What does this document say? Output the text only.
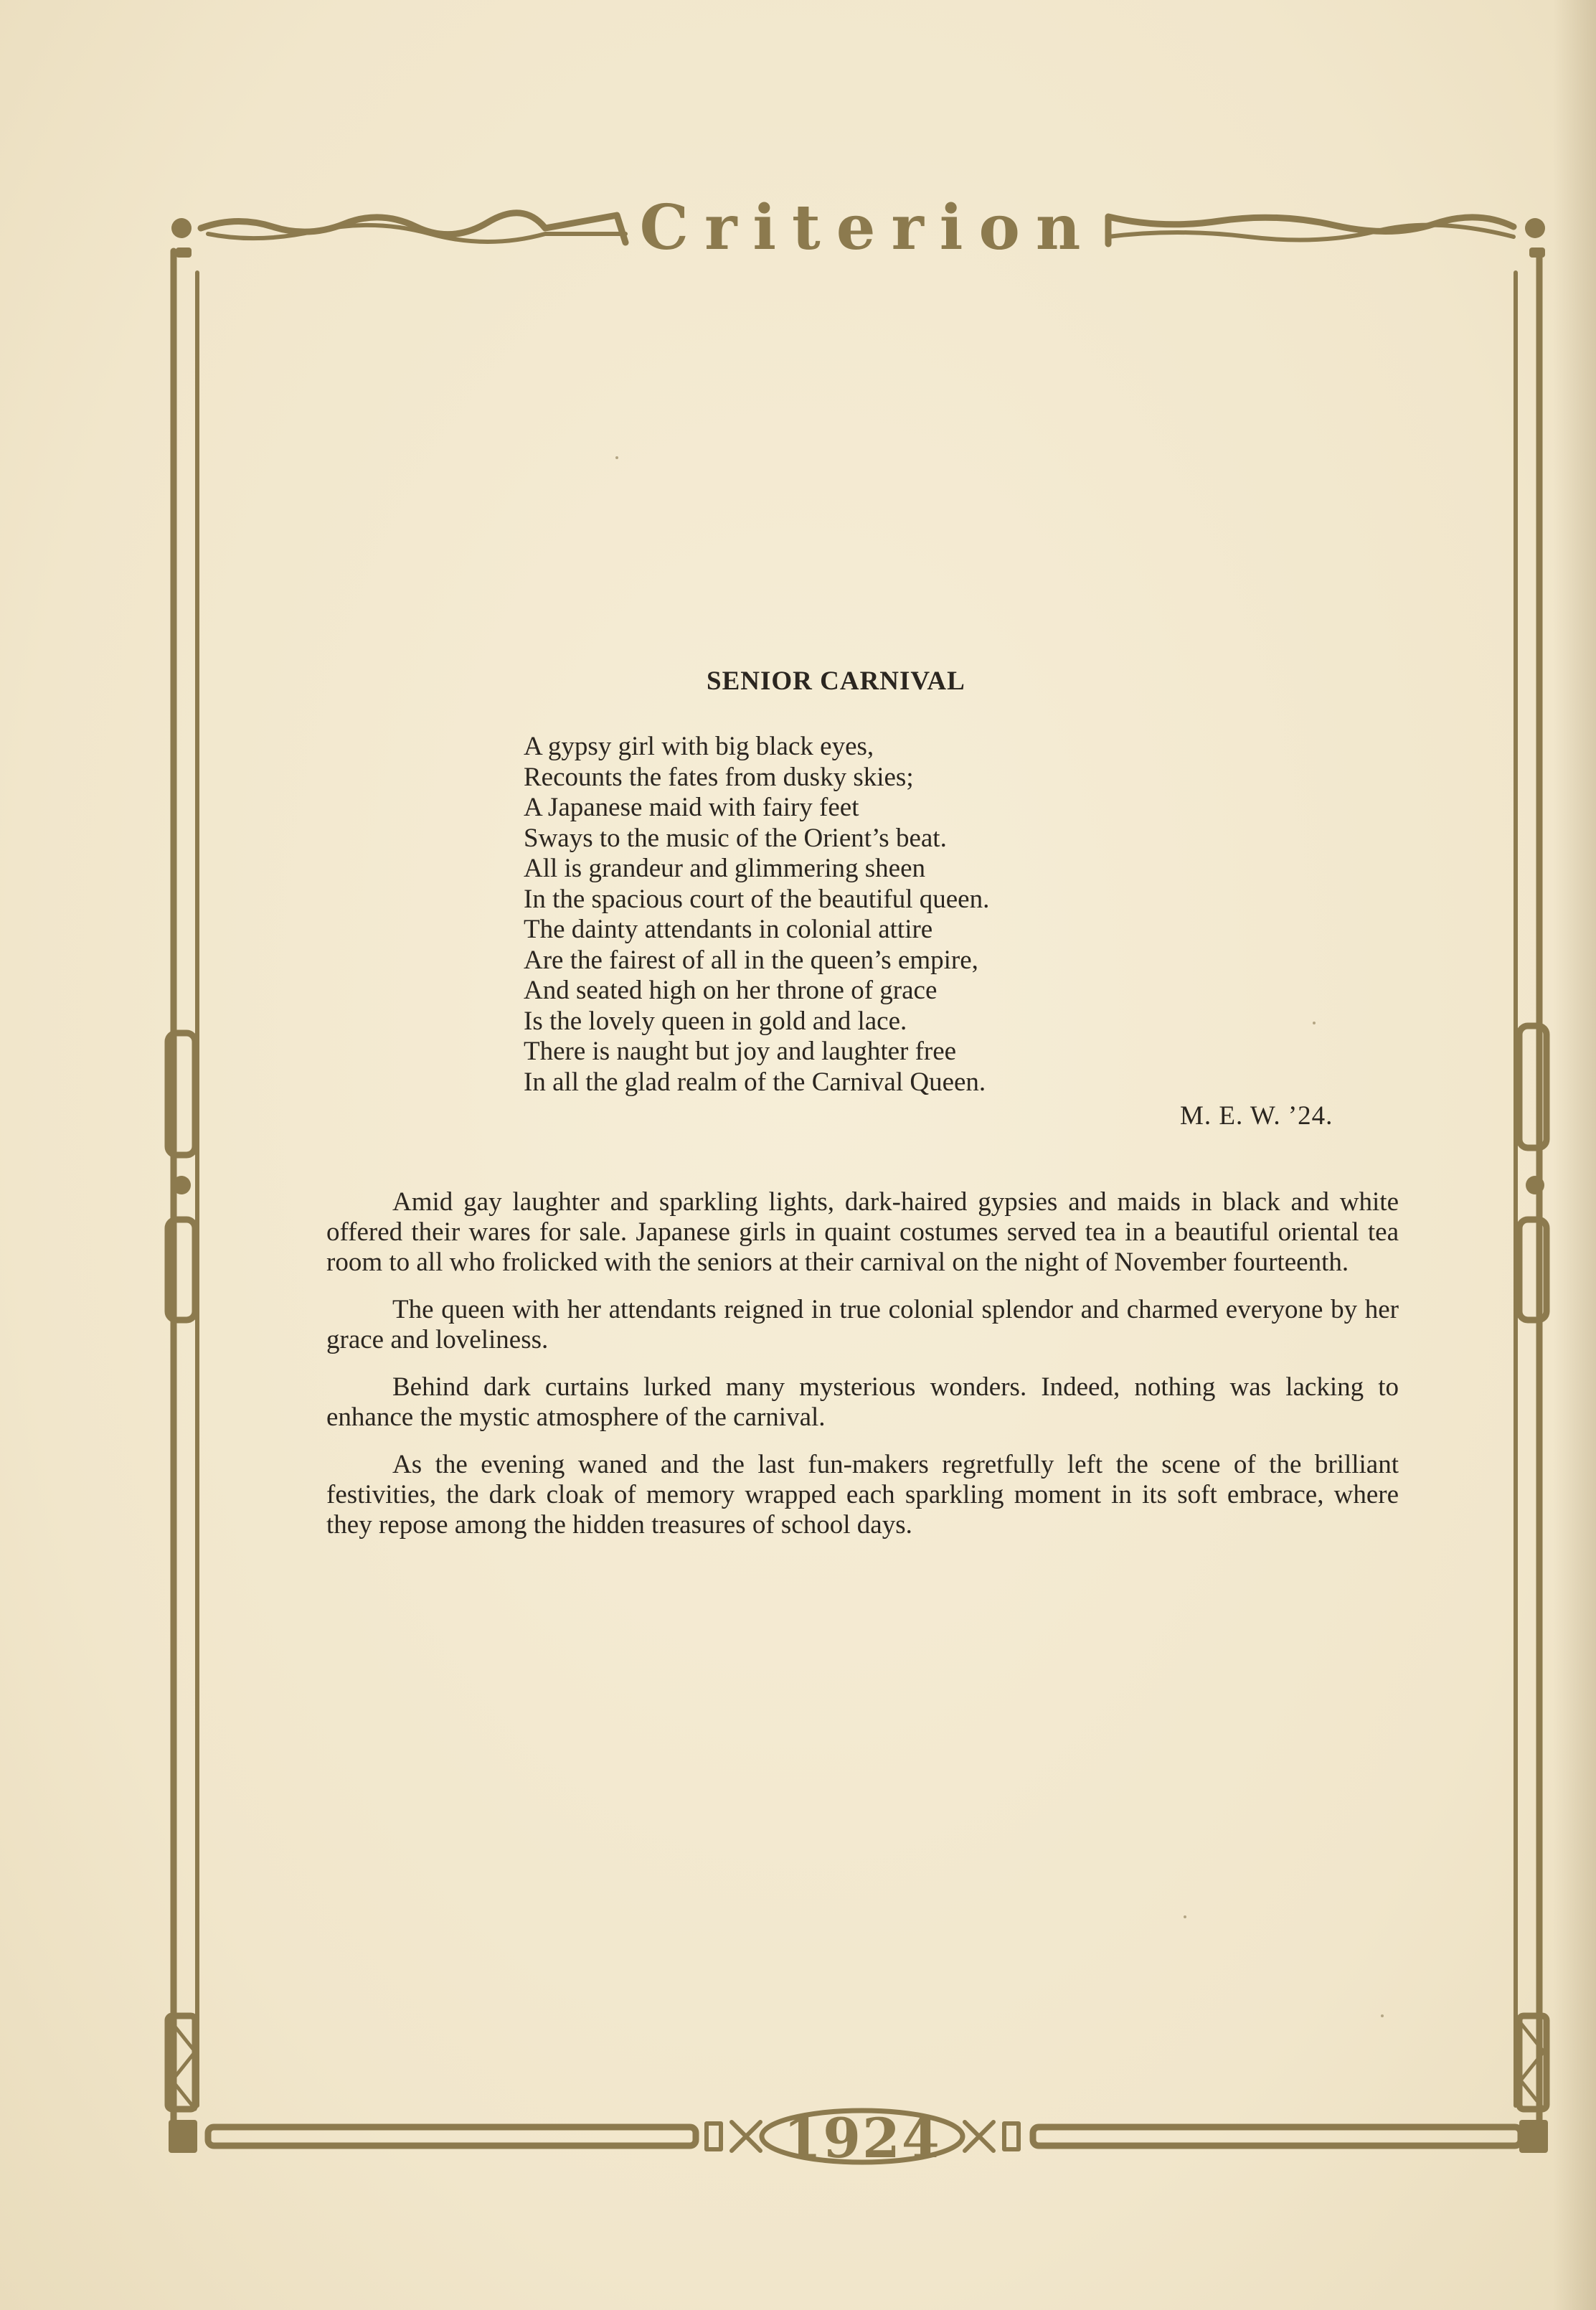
Criterion
1924
SENIOR CARNIVAL
A gypsy girl with big black eyes,
Recounts the fates from dusky skies;
A Japanese maid with fairy feet
Sways to the music of the Orient’s beat.
All is grandeur and glimmering sheen
In the spacious court of the beautiful queen.
The dainty attendants in colonial attire
Are the fairest of all in the queen’s empire,
And seated high on her throne of grace
Is the lovely queen in gold and lace.
There is naught but joy and laughter free
In all the glad realm of the Carnival Queen.
M. E. W. ’24.

Amid gay laughter and sparkling lights, dark-haired gypsies and maids in black and white offered their wares for sale. Japanese girls in quaint costumes served tea in a beautiful oriental tea room to all who frolicked with the seniors at their carnival on the night of November fourteenth.

The queen with her attendants reigned in true colonial splendor and charmed everyone by her grace and loveliness.

Behind dark curtains lurked many mysterious wonders. Indeed, nothing was lacking to enhance the mystic atmosphere of the carnival.

As the evening waned and the last fun-makers regretfully left the scene of the brilliant festivities, the dark cloak of memory wrapped each sparkling moment in its soft embrace, where they repose among the hidden treasures of school days.
